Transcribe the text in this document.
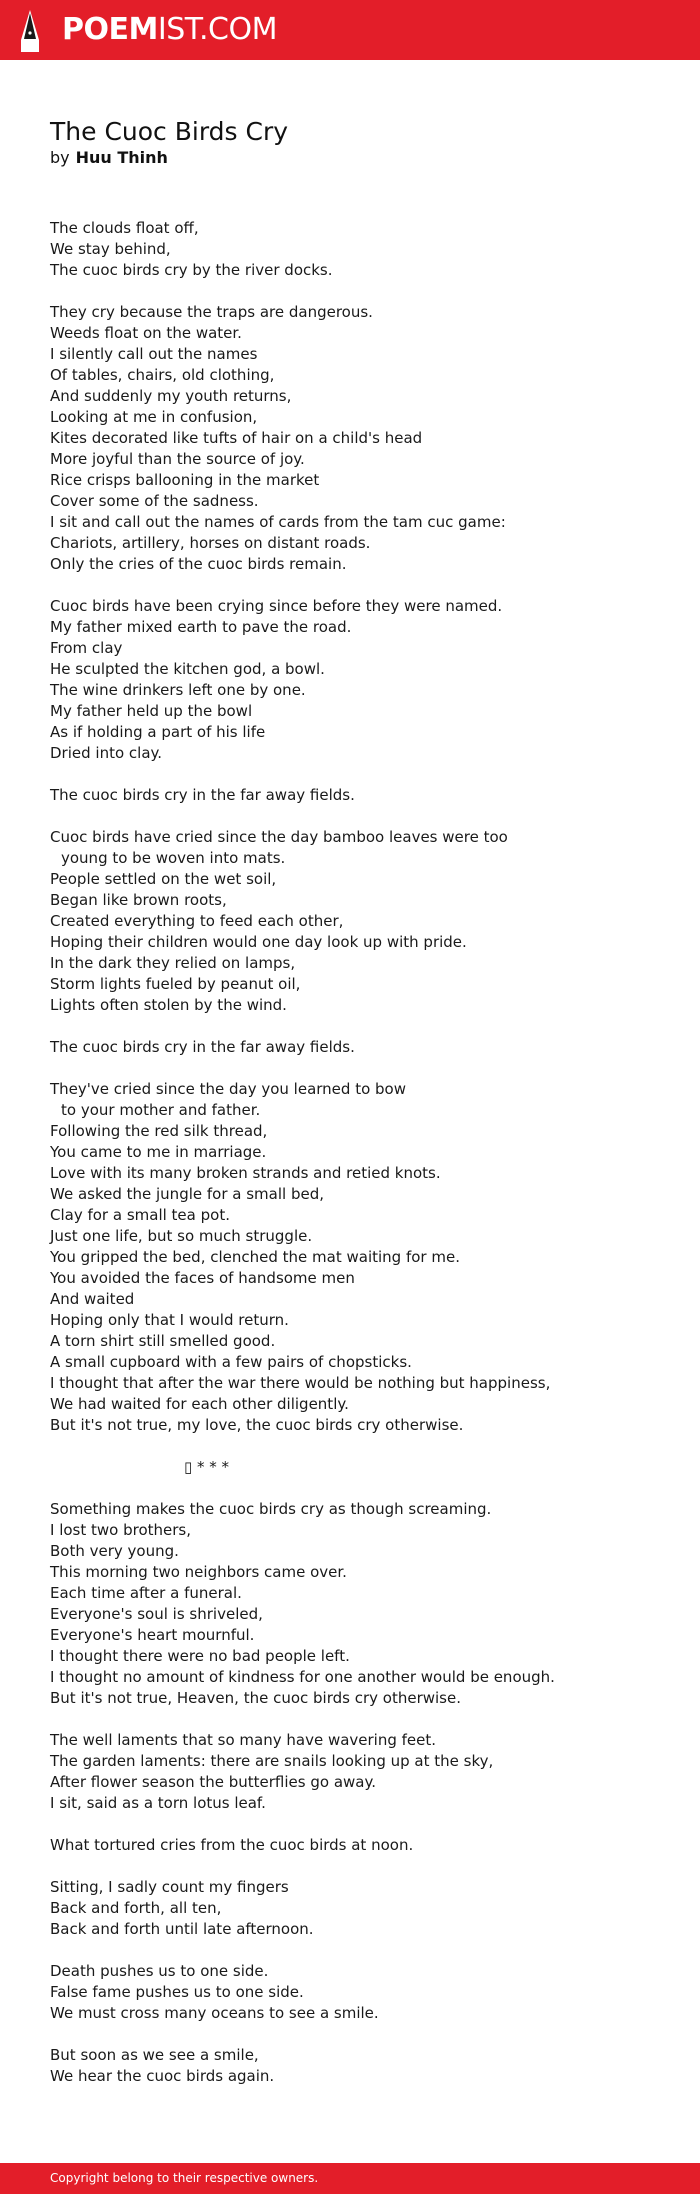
POEMIST.COM
The Cuoc Birds Cry
by Huu Thinh
The clouds float off,
We stay behind,
The cuoc birds cry by the river docks.
They cry because the traps are dangerous.
Weeds float on the water.
I silently call out the names
Of tables, chairs, old clothing,
And suddenly my youth returns,
Looking at me in confusion,
Kites decorated like tufts of hair on a child's head
More joyful than the source of joy.
Rice crisps ballooning in the market
Cover some of the sadness.
I sit and call out the names of cards from the tam cuc game:
Chariots, artillery, horses on distant roads.
Only the cries of the cuoc birds remain.
Cuoc birds have been crying since before they were named.
My father mixed earth to pave the road.
From clay
He sculpted the kitchen god, a bowl.
The wine drinkers left one by one.
My father held up the bowl
As if holding a part of his life
Dried into clay.
The cuoc birds cry in the far away fields.
Cuoc birds have cried since the day bamboo leaves were too
young to be woven into mats.
People settled on the wet soil,
Began like brown roots,
Created everything to feed each other,
Hoping their children would one day look up with pride.
In the dark they relied on lamps,
Storm lights fueled by peanut oil,
Lights often stolen by the wind.
The cuoc birds cry in the far away fields.
They've cried since the day you learned to bow
to your mother and father.
Following the red silk thread,
You came to me in marriage.
Love with its many broken strands and retied knots.
We asked the jungle for a small bed,
Clay for a small tea pot.
Just one life, but so much struggle.
You gripped the bed, clenched the mat waiting for me.
You avoided the faces of handsome men
And waited
Hoping only that I would return.
A torn shirt still smelled good.
A small cupboard with a few pairs of chopsticks.
I thought that after the war there would be nothing but happiness,
We had waited for each other diligently.
But it's not true, my love, the cuoc birds cry otherwise.
▯ * * *
Something makes the cuoc birds cry as though screaming.
I lost two brothers,
Both very young.
This morning two neighbors came over.
Each time after a funeral.
Everyone's soul is shriveled,
Everyone's heart mournful.
I thought there were no bad people left.
I thought no amount of kindness for one another would be enough.
But it's not true, Heaven, the cuoc birds cry otherwise.
The well laments that so many have wavering feet.
The garden laments: there are snails looking up at the sky,
After flower season the butterflies go away.
I sit, said as a torn lotus leaf.
What tortured cries from the cuoc birds at noon.
Sitting, I sadly count my fingers
Back and forth, all ten,
Back and forth until late afternoon.
Death pushes us to one side.
False fame pushes us to one side.
We must cross many oceans to see a smile.
But soon as we see a smile,
We hear the cuoc birds again.
Copyright belong to their respective owners.
